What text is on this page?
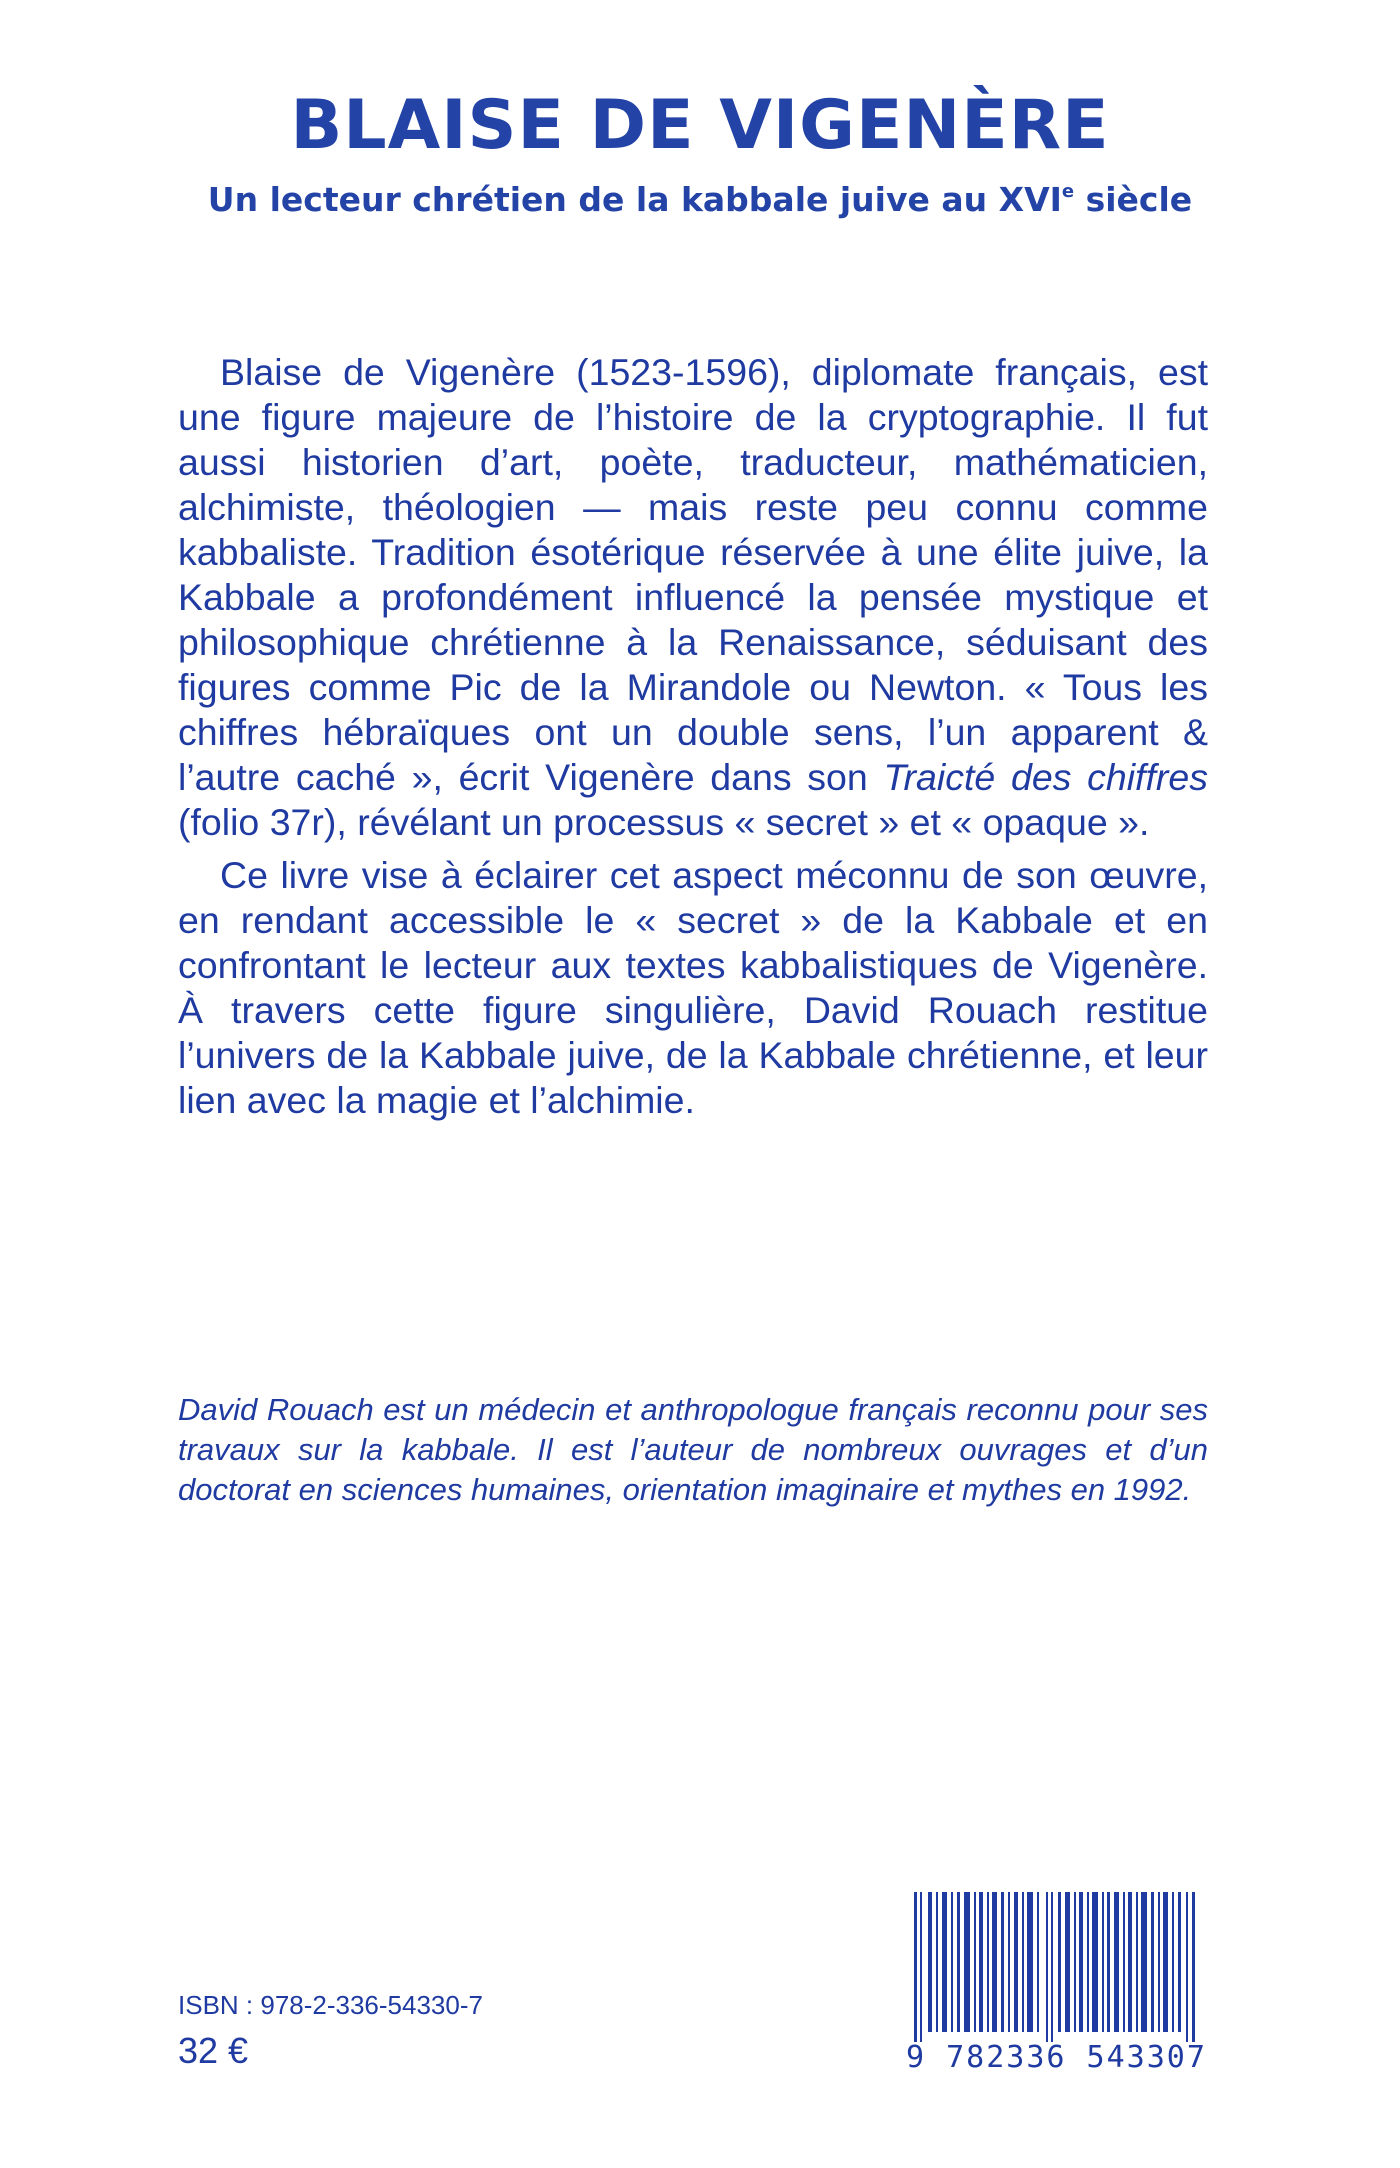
BLAISE DE VIGENÈRE
Un lecteur chrétien de la kabbale juive au XVIe siècle

Blaise de Vigenère (1523-1596), diplomate français, est une figure majeure de l’histoire de la cryptographie. Il fut aussi historien d’art, poète, traducteur, mathématicien, alchimiste, théologien — mais reste peu connu comme kabbaliste. Tradition ésotérique réservée à une élite juive, la Kabbale a profondément influencé la pensée mystique et philosophique chrétienne à la Renaissance, séduisant des figures comme Pic de la Mirandole ou Newton. « Tous les chiffres hébraïques ont un double sens, l’un apparent & l’autre caché », écrit Vigenère dans son Traicté des chiffres (folio 37r), révélant un processus « secret » et « opaque ».

Ce livre vise à éclairer cet aspect méconnu de son œuvre, en rendant accessible le « secret » de la Kabbale et en confrontant le lecteur aux textes kabbalistiques de Vigenère. À travers cette figure singulière, David Rouach restitue l’univers de la Kabbale juive, de la Kabbale chrétienne, et leur lien avec la magie et l’alchimie.

David Rouach est un médecin et anthropologue français reconnu pour ses travaux sur la kabbale. Il est l’auteur de nombreux ouvrages et d’un doctorat en sciences humaines, orientation imaginaire et mythes en 1992.
ISBN : 978-2-336-54330-7
32 €	9 782336 543307
